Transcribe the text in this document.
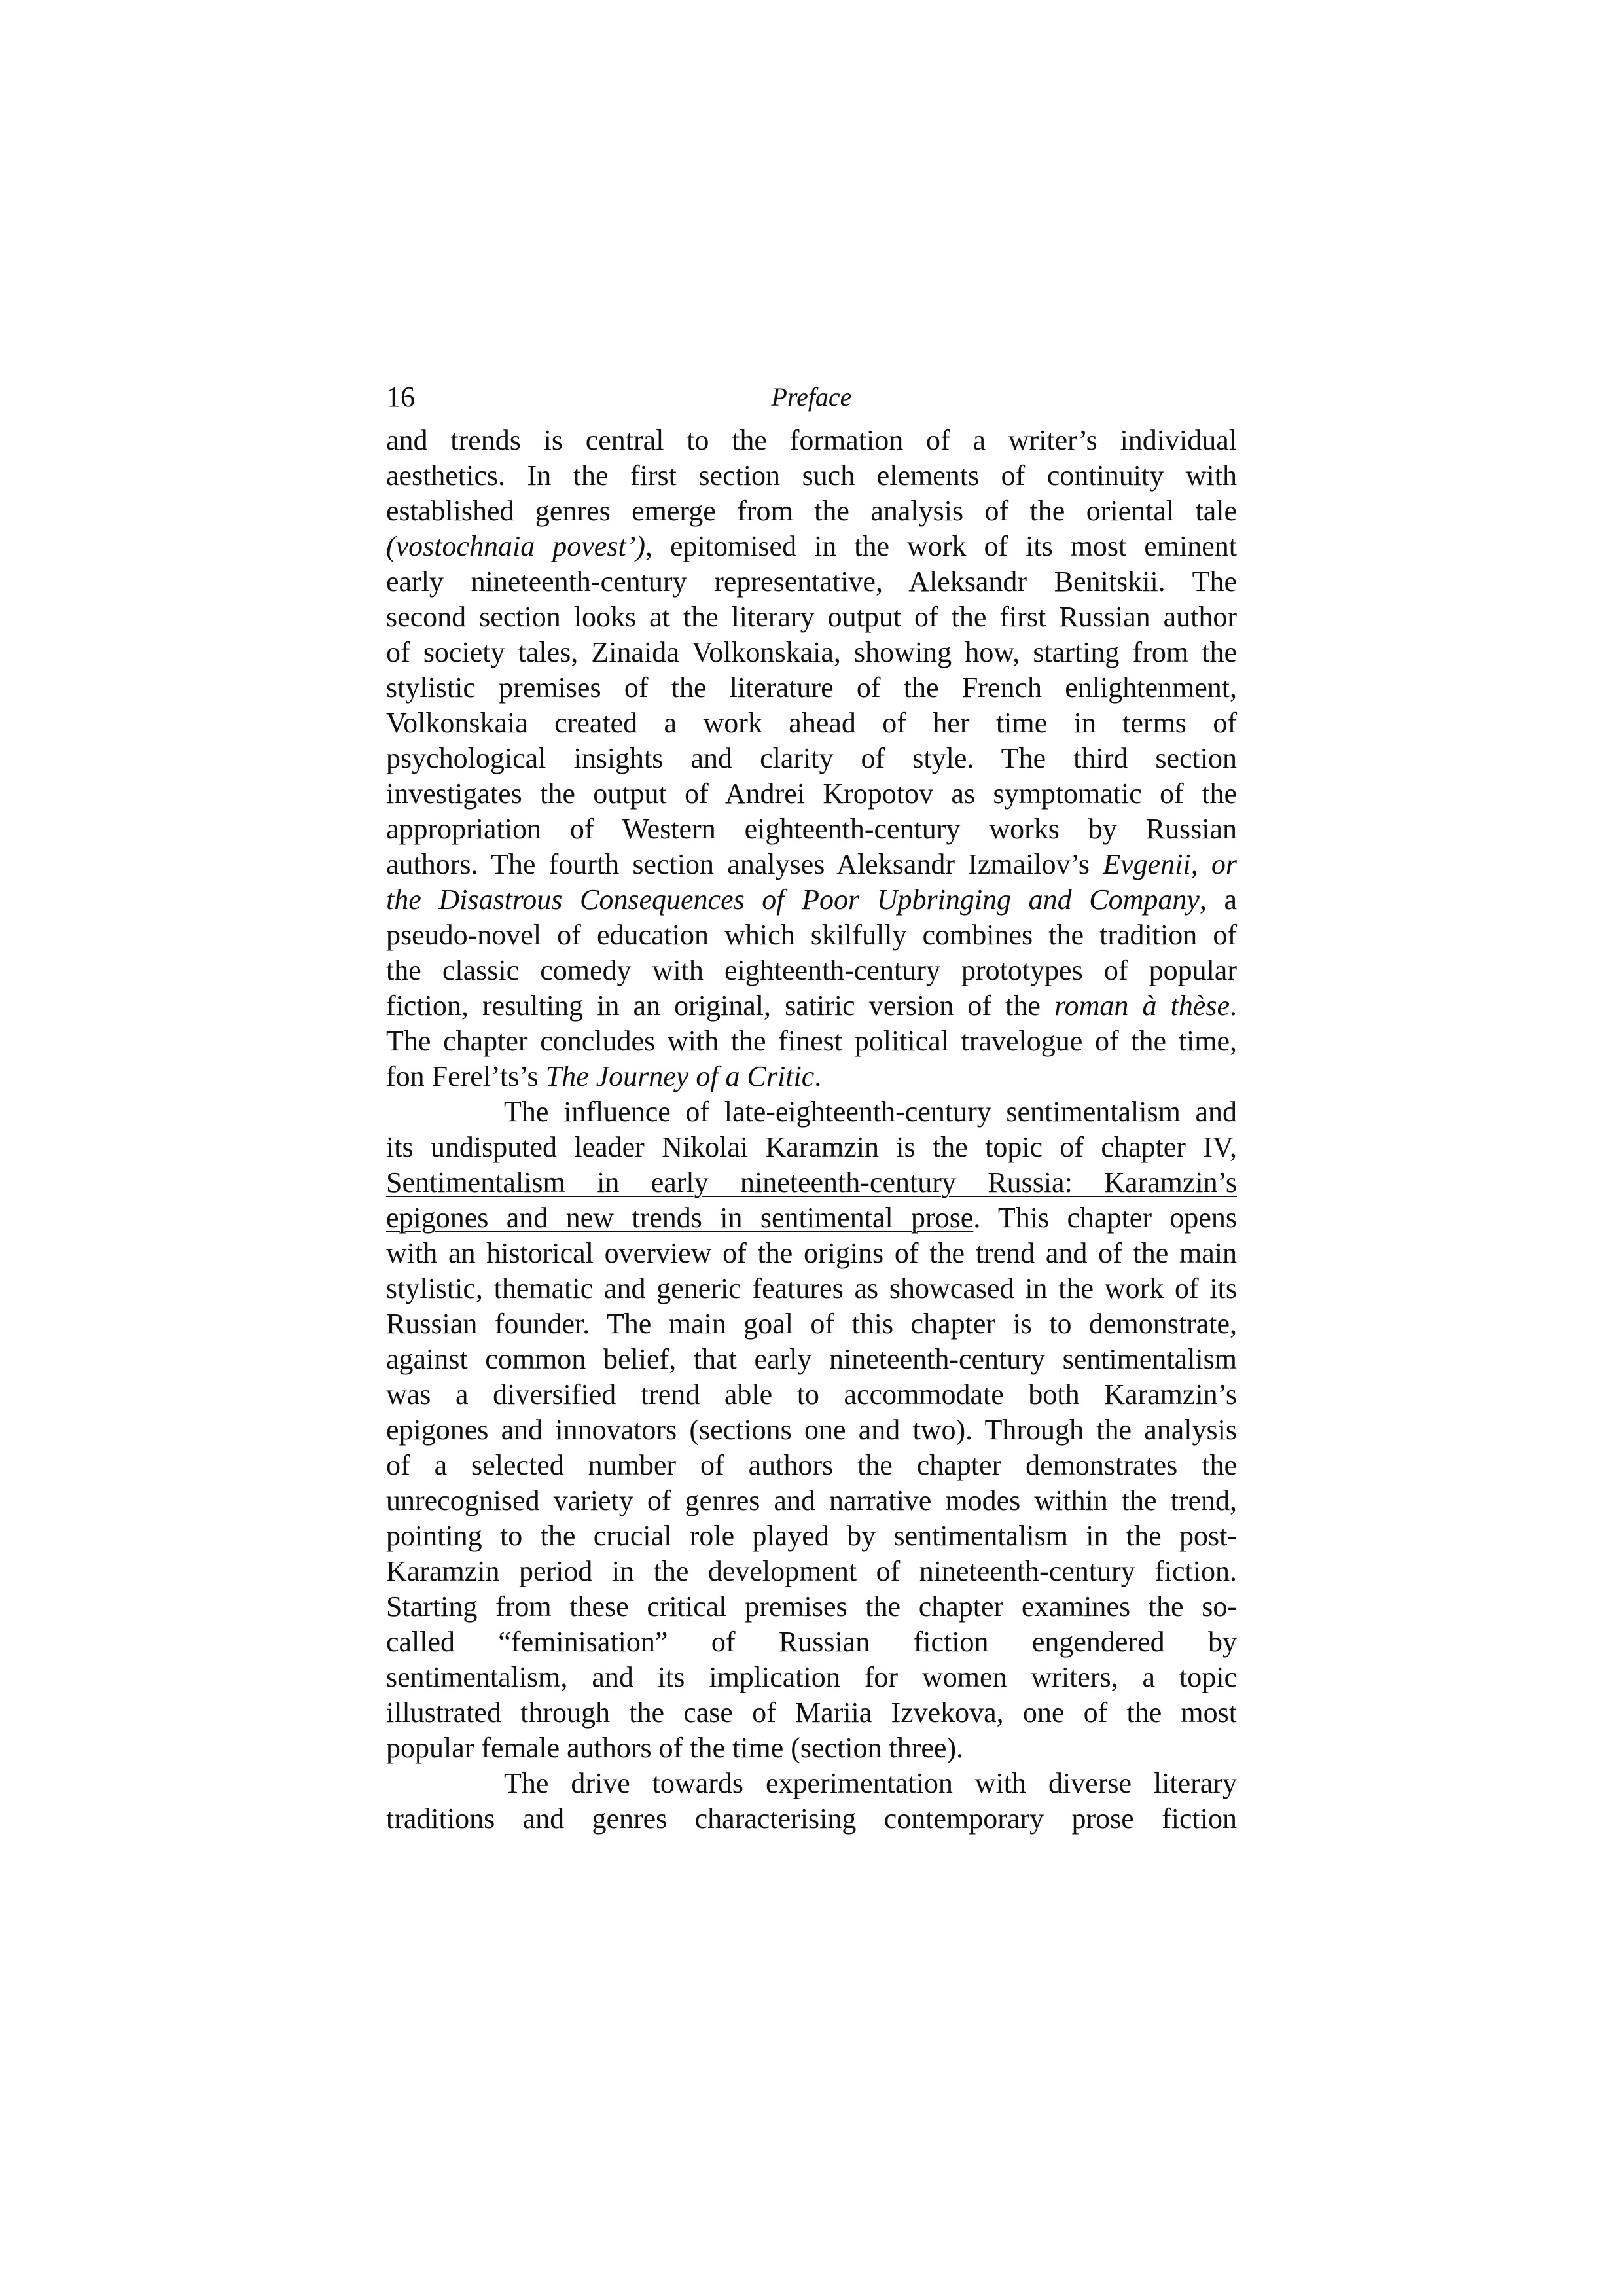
16	Preface
and trends is central to the formation of a writer’s individual
aesthetics. In the first section such elements of continuity with
established genres emerge from the analysis of the oriental tale
(vostochnaia povest’), epitomised in the work of its most eminent
early nineteenth-century representative, Aleksandr Benitskii. The
second section looks at the literary output of the first Russian author
of society tales, Zinaida Volkonskaia, showing how, starting from the
stylistic premises of the literature of the French enlightenment,
Volkonskaia created a work ahead of her time in terms of
psychological insights and clarity of style. The third section
investigates the output of Andrei Kropotov as symptomatic of the
appropriation of Western eighteenth-century works by Russian
authors. The fourth section analyses Aleksandr Izmailov’s Evgenii, or
the Disastrous Consequences of Poor Upbringing and Company, a
pseudo-novel of education which skilfully combines the tradition of
the classic comedy with eighteenth-century prototypes of popular
fiction, resulting in an original, satiric version of the roman à thèse.
The chapter concludes with the finest political travelogue of the time,
fon Ferel’ts’s The Journey of a Critic.
The influence of late-eighteenth-century sentimentalism and
its undisputed leader Nikolai Karamzin is the topic of chapter IV,
Sentimentalism in early nineteenth-century Russia: Karamzin’s
epigones and new trends in sentimental prose. This chapter opens
with an historical overview of the origins of the trend and of the main
stylistic, thematic and generic features as showcased in the work of its
Russian founder. The main goal of this chapter is to demonstrate,
against common belief, that early nineteenth-century sentimentalism
was a diversified trend able to accommodate both Karamzin’s
epigones and innovators (sections one and two). Through the analysis
of a selected number of authors the chapter demonstrates the
unrecognised variety of genres and narrative modes within the trend,
pointing to the crucial role played by sentimentalism in the post-
Karamzin period in the development of nineteenth-century fiction.
Starting from these critical premises the chapter examines the so-
called “feminisation” of Russian fiction engendered by
sentimentalism, and its implication for women writers, a topic
illustrated through the case of Mariia Izvekova, one of the most
popular female authors of the time (section three).
The drive towards experimentation with diverse literary
traditions and genres characterising contemporary prose fiction
